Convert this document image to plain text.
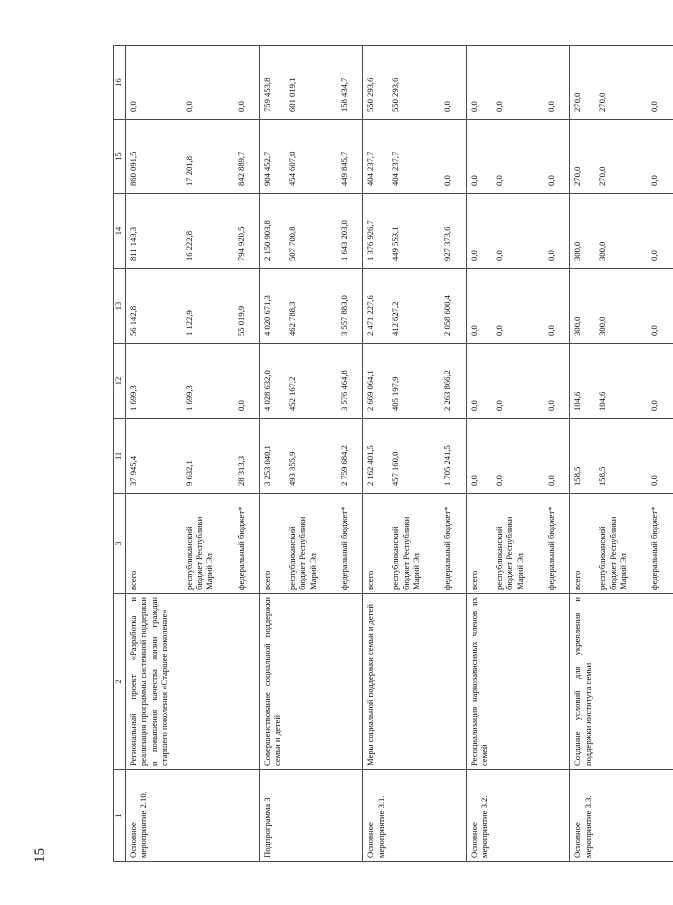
15
1	2	3	11	12	13	14	15	16
Основное мероприятие 2.10.	Региональный проект «Разработка и реализация программы системной поддержки и повышения качества жизни граждан старшего поколения «Старшее поколение»	всего	37 945,4	1 699,3	56 142,8	811 143,3	860 091,5	0,0
		республиканский бюджет Республики Марий Эл	9 632,1	1 699,3	1 122,9	16 222,8	17 201,8	0,0
		федеральный бюджет*	28 313,3	0,0	55 019,9	794 920,5	842 889,7	0,0
Подпрограмма 3	Совершенствование социальной поддержки семьи и детей	всего	3 253 040,1	4 028 632,0	4 020 671,3	2 150 903,8	904 452,7	759 453,8
		республиканский бюджет Республики Марий Эл	493 355,9	452 167,2	462 788,3	507 700,8	454 607,0	601 019,1
		федеральный бюджет*	2 759 684,2	3 576 464,8	3 557 883,0	1 643 203,0	449 845,7	158 434,7
Основное мероприятие 3.1.	Меры социальной поддержки семьи и детей	всего	2 162 401,5	2 669 064,1	2 471 227,6	1 376 926,7	404 237,7	550 293,6
		республиканский бюджет Республики Марий Эл	457 160,0	405 197,9	412 627,2	449 553,1	404 237,7	550 293,6
		федеральный бюджет*	1 705 241,5	2 263 866,2	2 058 600,4	927 373,6	0,0	0,0
Основное мероприятие 3.2.	Ресоциализация наркозависимых членов их семей	всего	0,0	0,0	0,0	0,0	0,0	0,0
		республиканский бюджет Республики Марий Эл	0,0	0,0	0,0	0,0	0,0	0,0
		федеральный бюджет*	0,0	0,0	0,0	0,0	0,0	0,0
Основное мероприятие 3.3.	Создание условий для укрепления и поддержки института семьи	всего	158,5	104,6	300,0	300,0	270,0	270,0
		республиканский бюджет Республики Марий Эл	158,5	104,6	300,0	300,0	270,0	270,0
		федеральный бюджет*	0,0	0,0	0,0	0,0	0,0	0,0
